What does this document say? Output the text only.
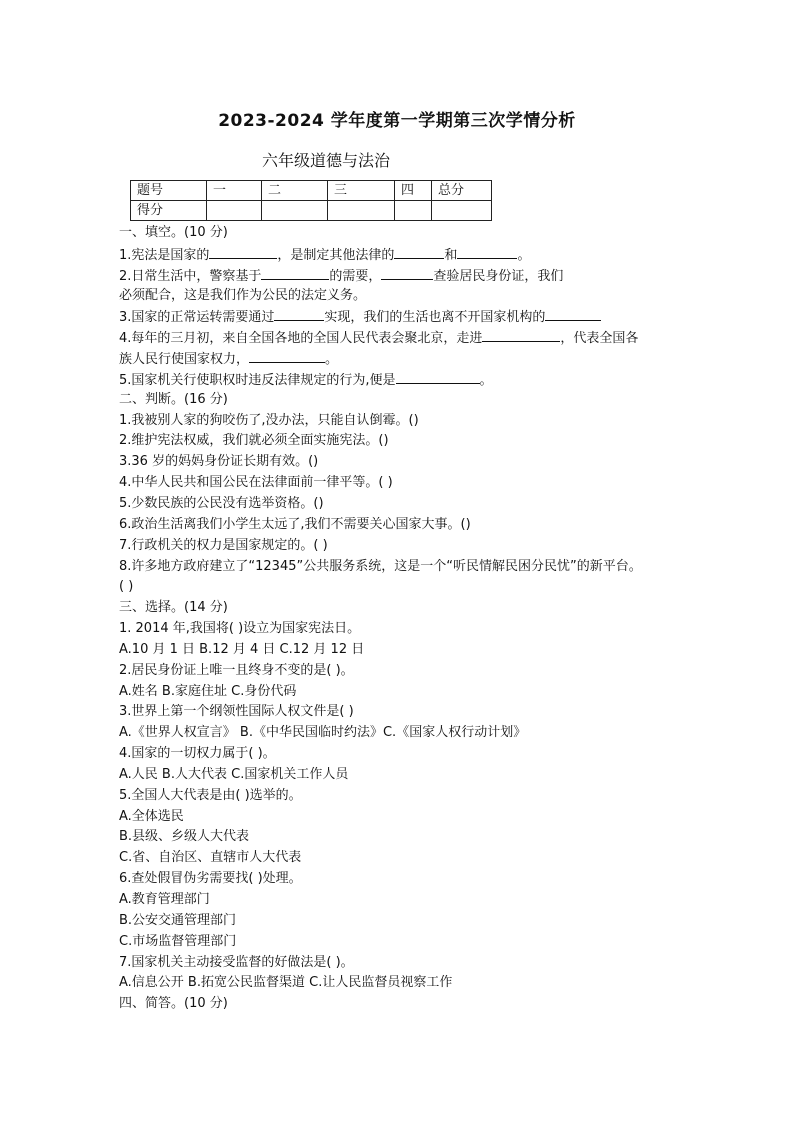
2023-2024 学年度第一学期第三次学情分析
六年级道德与法治
题号	一	二	三	四	总分
得分					
一、填空。(10 分)
1.宪法是国家的	，是制定其他法律的	和	。
2.日常生活中，警察基于	的需要，	查验居民身份证，我们
必须配合，这是我们作为公民的法定义务。
3.国家的正常运转需要通过	实现，我们的生活也离不开国家机构的
4.每年的三月初，来自全国各地的全国人民代表会聚北京，走进	，代表全国各
族人民行使国家权力，	。
5.国家机关行使职权时违反法律规定的行为,便是	。
二、判断。(16 分)
1.我被别人家的狗咬伤了,没办法，只能自认倒霉。()
2.维护宪法权威，我们就必须全面实施宪法。()
3.36 岁的妈妈身份证长期有效。()
4.中华人民共和国公民在法律面前一律平等。( )
5.少数民族的公民没有选举资格。()
6.政治生活离我们小学生太远了,我们不需要关心国家大事。()
7.行政机关的权力是国家规定的。( )
8.许多地方政府建立了“12345”公共服务系统，这是一个“听民情解民困分民忧”的新平台。
( )
三、选择。(14 分)
1. 2014 年,我国将( )设立为国家宪法日。
A.10 月 1 日 B.12 月 4 日 C.12 月 12 日
2.居民身份证上唯一且终身不变的是( )。
A.姓名 B.家庭住址 C.身份代码
3.世界上第一个纲领性国际人权文件是( )
A.《世界人权宣言》 B.《中华民国临时约法》C.《国家人权行动计划》
4.国家的一切权力属于( )。
A.人民 B.人大代表 C.国家机关工作人员
5.全国人大代表是由( )选举的。
A.全体选民
B.县级、乡级人大代表
C.省、自治区、直辖市人大代表
6.查处假冒伪劣需要找( )处理。
A.教育管理部门
B.公安交通管理部门
C.市场监督管理部门
7.国家机关主动接受监督的好做法是( )。
A.信息公开 B.拓宽公民监督渠道 C.让人民监督员视察工作
四、简答。(10 分)
